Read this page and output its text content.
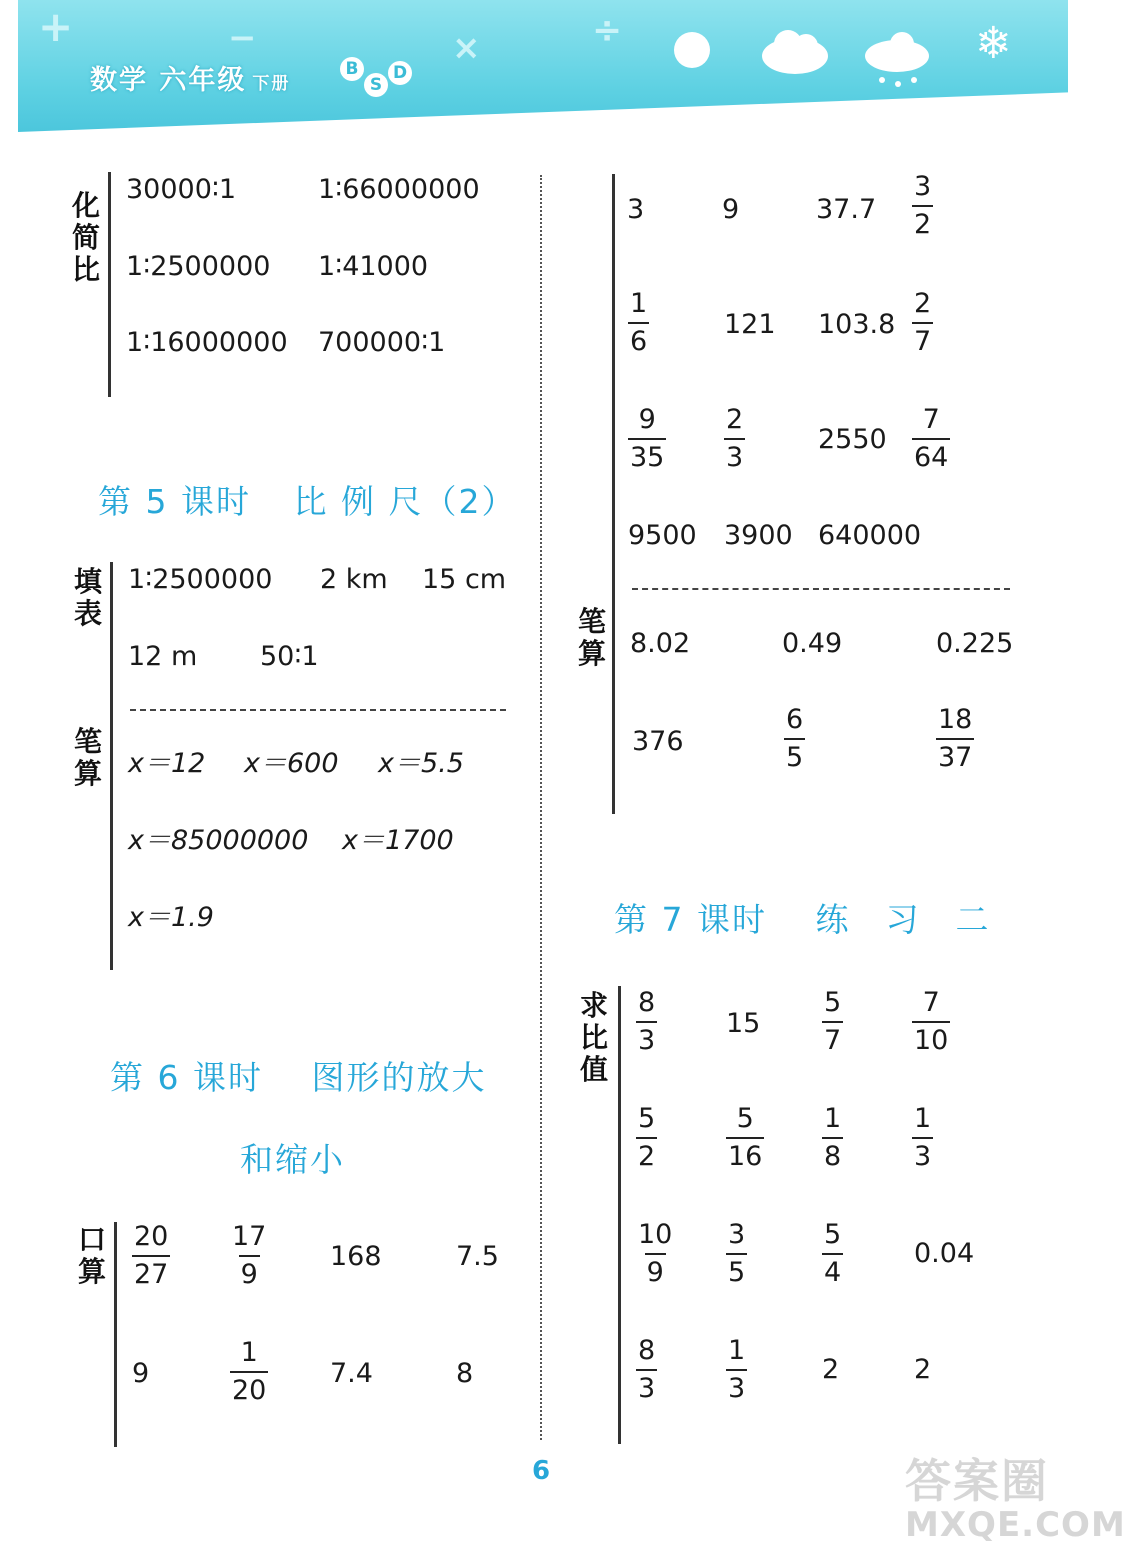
+	−	×	÷	❄
数学 六年级 下册
B
S
D
化简比
30000∶1	1∶66000000
1∶2500000 1∶41000
1∶16000000 700000∶1
第 5 课时 比 例 尺（2）
填表
1∶2500000 2 km 15 cm
12 m 50∶1
笔算 x＝12 x＝600 x＝5.5
x＝85000000 x＝1700
x＝1.9
第 6 课时 图形的放大
和缩小
口算 $\frac{20}{27} \frac{17}{9} 168$	7.5
9	$\frac{1}{20} 7.4$	8
3	9	$37.7 \frac{3}{2}$
$\frac{1}{6}$	121 $103.8 \frac{2}{7}$
$\frac{9}{35} \frac{2}{3}$	$2550 \frac{7}{64}$
9500 3900 640000
笔算 8.02	0.49	0.225
376	$\frac{6}{5}$	$\frac{18}{37}$
第 7 课时 练　习　二
求比值
$\frac{8}{3}$	$15 \frac{5}{7}$	$\frac{7}{10}$
$\frac{5}{2}$	$\frac{5}{16} \frac{1}{8}$	$\frac{1}{3}$
$\frac{10}{9} \frac{3}{5}$	$\frac{5}{4}$	0.04
$\frac{8}{3}$	$\frac{1}{3}$	2	2
6	答案圈
MXQE.COM
